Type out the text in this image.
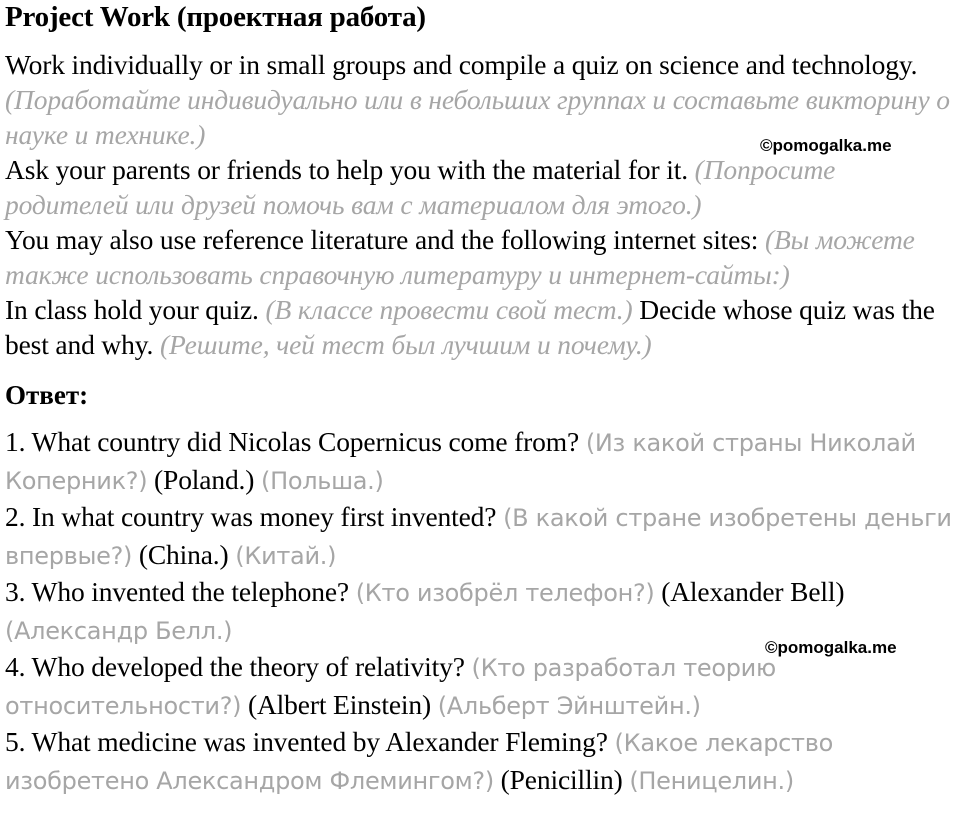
Project Work (проектная работа)

Work individually or in small groups and compile a quiz on science and technology. (Поработайте индивидуально или в небольших группах и составьте викторину о науке и технике.)

Ask your parents or friends to help you with the material for it. (Попросите родителей или друзей помочь вам с материалом для этого.)

You may also use reference literature and the following internet sites: (Вы можете также использовать справочную литературу и интернет-сайты:)

In class hold your quiz. (В классе провести свой тест.) Decide whose quiz was the best and why. (Решите, чей тест был лучшим и почему.)

Ответ:

1. What country did Nicolas Copernicus come from? (Из какой страны Николай Коперник?) (Poland.) (Польша.)

2. In what country was money first invented? (В какой стране изобретены деньги впервые?) (China.) (Китай.)

3. Who invented the telephone? (Кто изобрёл телефон?) (Alexander Bell) (Александр Белл.)

4. Who developed the theory of relativity? (Кто разработал теорию относительности?) (Albert Einstein) (Альберт Эйнштейн.)

5. What medicine was invented by Alexander Fleming? (Какое лекарство изобретено Александром Флемингом?) (Penicillin) (Пеницелин.)

©pomogalka.me
©pomogalka.me
